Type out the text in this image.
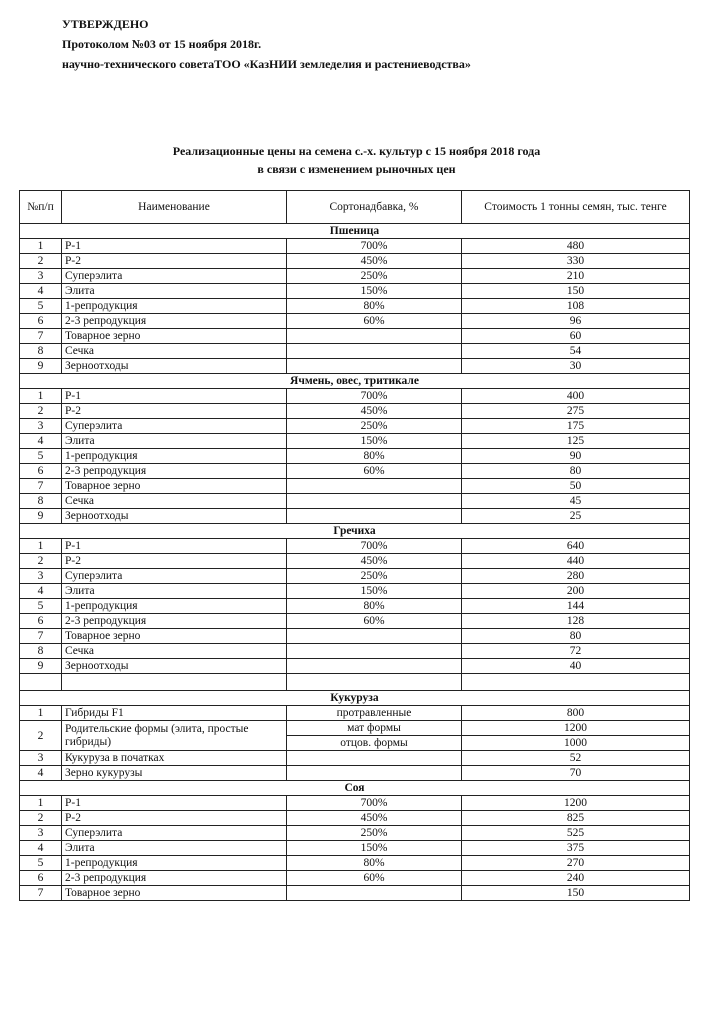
УТВЕРЖДЕНО
Протоколом №03 от 15 ноября 2018г.
научно-технического советаТОО «КазНИИ земледелия и растениеводства»
Реализационные цены на семена с.-х. культур с 15 ноября 2018 года
в связи с изменением рыночных цен
№п/п	Наименование	Сортонадбавка, %	Стоимость 1 тонны семян, тыс. тенге
Пшеница			
1	Р-1	700%	480
2	Р-2	450%	330
3	Суперэлита	250%	210
4	Элита	150%	150
5	1-репродукция	80%	108
6	2-3 репродукция	60%	96
7	Товарное зерно		60
8	Сечка		54
9	Зерноотходы		30
Ячмень, овес, тритикале			
1	Р-1	700%	400
2	Р-2	450%	275
3	Суперэлита	250%	175
4	Элита	150%	125
5	1-репродукция	80%	90
6	2-3 репродукция	60%	80
7	Товарное зерно		50
8	Сечка		45
9	Зерноотходы		25
Гречиха			
1	Р-1	700%	640
2	Р-2	450%	440
3	Суперэлита	250%	280
4	Элита	150%	200
5	1-репродукция	80%	144
6	2-3 репродукция	60%	128
7	Товарное зерно		80
8	Сечка		72
9	Зерноотходы		40

Кукуруза			
1	Гибриды F1	протравленные	800
2	Родительские формы (элита, простые гибриды)	мат формы	1200
		отцов. формы	1000
3	Кукуруза в початках		52
4	Зерно кукурузы		70
Соя			
1	Р-1	700%	1200
2	Р-2	450%	825
3	Суперэлита	250%	525
4	Элита	150%	375
5	1-репродукция	80%	270
6	2-3 репродукция	60%	240
7	Товарное зерно		150
